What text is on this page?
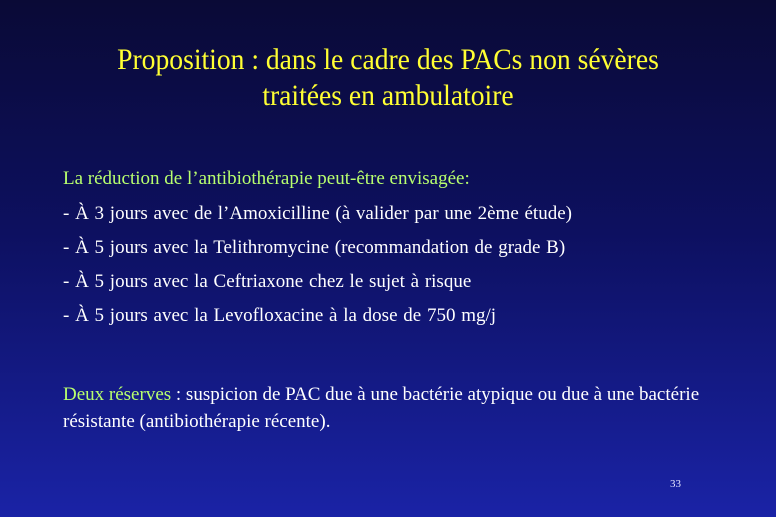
Proposition : dans le cadre des PACs non sévères
traitées en ambulatoire
La réduction de l’antibiothérapie peut-être envisagée:
- À 3 jours avec de l’Amoxicilline (à valider par une 2ème étude)
- À 5 jours avec la Telithromycine (recommandation de grade B)
- À 5 jours avec la Ceftriaxone chez le sujet à risque
- À 5 jours avec la Levofloxacine à la dose de 750 mg/j
Deux réserves : suspicion de PAC due à une bactérie atypique ou due à une bactérie résistante (antibiothérapie récente).
33
